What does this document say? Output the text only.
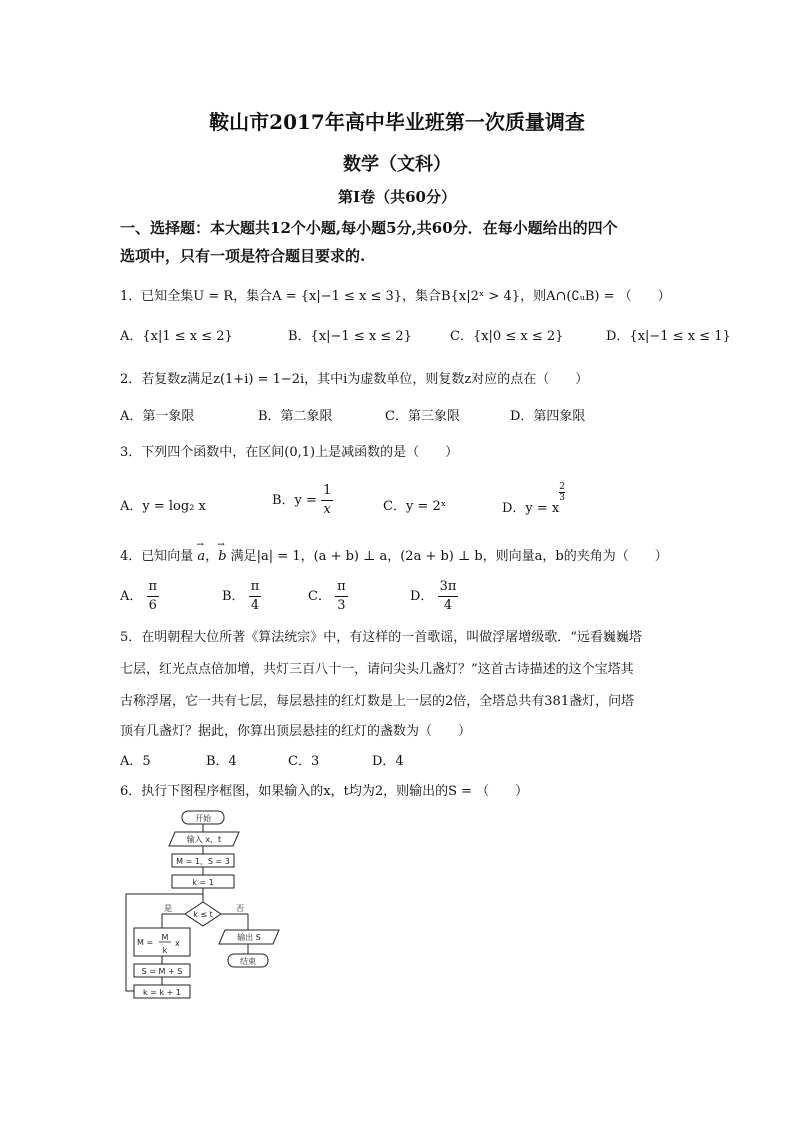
鞍山市2017年高中毕业班第一次质量调查
数学（文科）
第I卷（共60分）
一、选择题：本大题共12个小题,每小题5分,共60分．在每小题给出的四个
选项中，只有一项是符合题目要求的.
1．已知全集U = R，集合A = {x|−1 ≤ x ≤ 3}，集合B{x|2ˣ > 4}，则A∩(∁ᵤB) = （　　）
A．{x|1 ≤ x ≤ 2}	B．{x|−1 ≤ x ≤ 2}	C．{x|0 ≤ x ≤ 2}	D．{x|−1 ≤ x ≤ 1}
2．若复数z满足z(1+i) = 1−2i，其中i为虚数单位，则复数z对应的点在（　　）
A．第一象限	B．第二象限	C．第三象限	D．第四象限
3．下列四个函数中，在区间(0,1)上是减函数的是（　　）
A．y = log₂ x	B．$y = \frac{1}{x}$	C．y = 2ˣ	D．y = x
$^{\frac{2}{3}}$
4．已知向量 → a，→ b 满足|a| = 1，(a + b) ⊥ a，(2a + b) ⊥ b，则向量a，b的夹角为（　　）
A． $\frac{\pi}{6}$	B． $\frac{\pi}{4}$	C． $\frac{\pi}{3}$	D． $\frac{3\pi}{4}$
5．在明朝程大位所著《算法统宗》中，有这样的一首歌谣，叫做浮屠增级歌．“远看巍巍塔
七层，红光点点倍加增，共灯三百八十一，请问尖头几盏灯？”这首古诗描述的这个宝塔其
古称浮屠，它一共有七层，每层悬挂的红灯数是上一层的2倍，全塔总共有381盏灯，问塔
顶有几盏灯？据此，你算出顶层悬挂的红灯的盏数为（　　）
A．5	B．4	C．3	D．4
6．执行下图程序框图，如果输入的x，t均为2，则输出的S = （　　）
开始
输入 x，t
M = 1，S = 3
k = 1
k ≤ t
是	否
M =
M
k
x
S = M + S
k = k + 1
输出 S
结束
